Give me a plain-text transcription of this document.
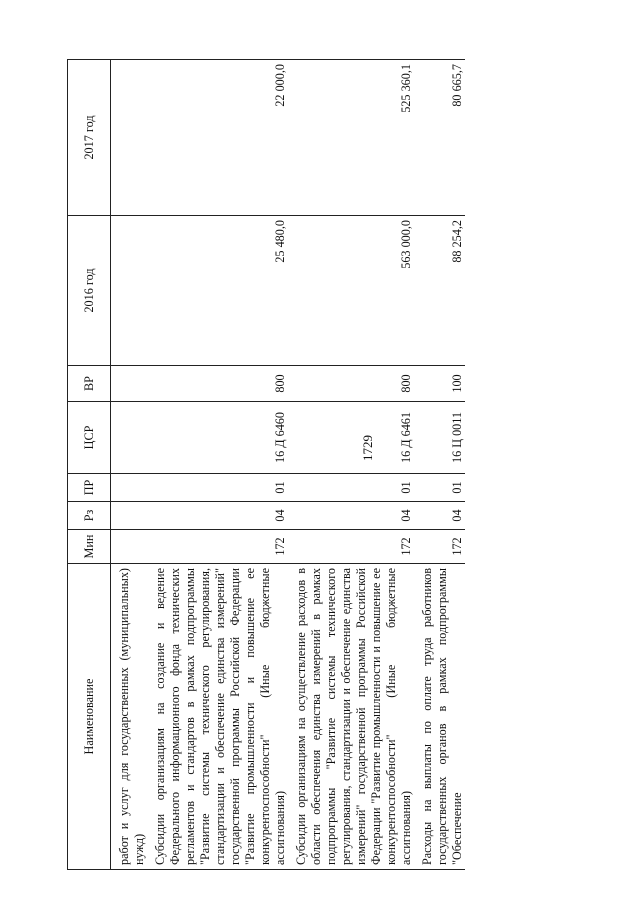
1729
Наименование	Мин	Рз	ПР	ЦСР	ВР	2016 год	2017 год

работ и услуг для государственных (муниципальных) нужд)							

Субсидии организациям на создание и ведение Федерального информационного фонда технических регламентов и стандартов в рамках подпрограммы "Развитие системы технического регулирования, стандартизации и обеспечение единства измерений" государственной программы Российской Федерации "Развитие промышленности и повышение ее конкурентоспособности" (Иные бюджетные ассигнования)	172	04	01	16 Д 6460	800	25 480,0	22 000,0

Субсидии организациям на осуществление расходов в области обеспечения единства измерений в рамках подпрограммы "Развитие системы технического регулирования, стандартизации и обеспечение единства измерений" государственной программы Российской Федерации "Развитие промышленности и повышение ее конкурентоспособности" (Иные бюджетные ассигнования)	172	04	01	16 Д 6461	800	563 000,0	525 360,1

Расходы на выплаты по оплате труда работников государственных органов в рамках подпрограммы "Обеспечение	172	04	01	16 Ц 0011	100	88 254,2	80 665,7
